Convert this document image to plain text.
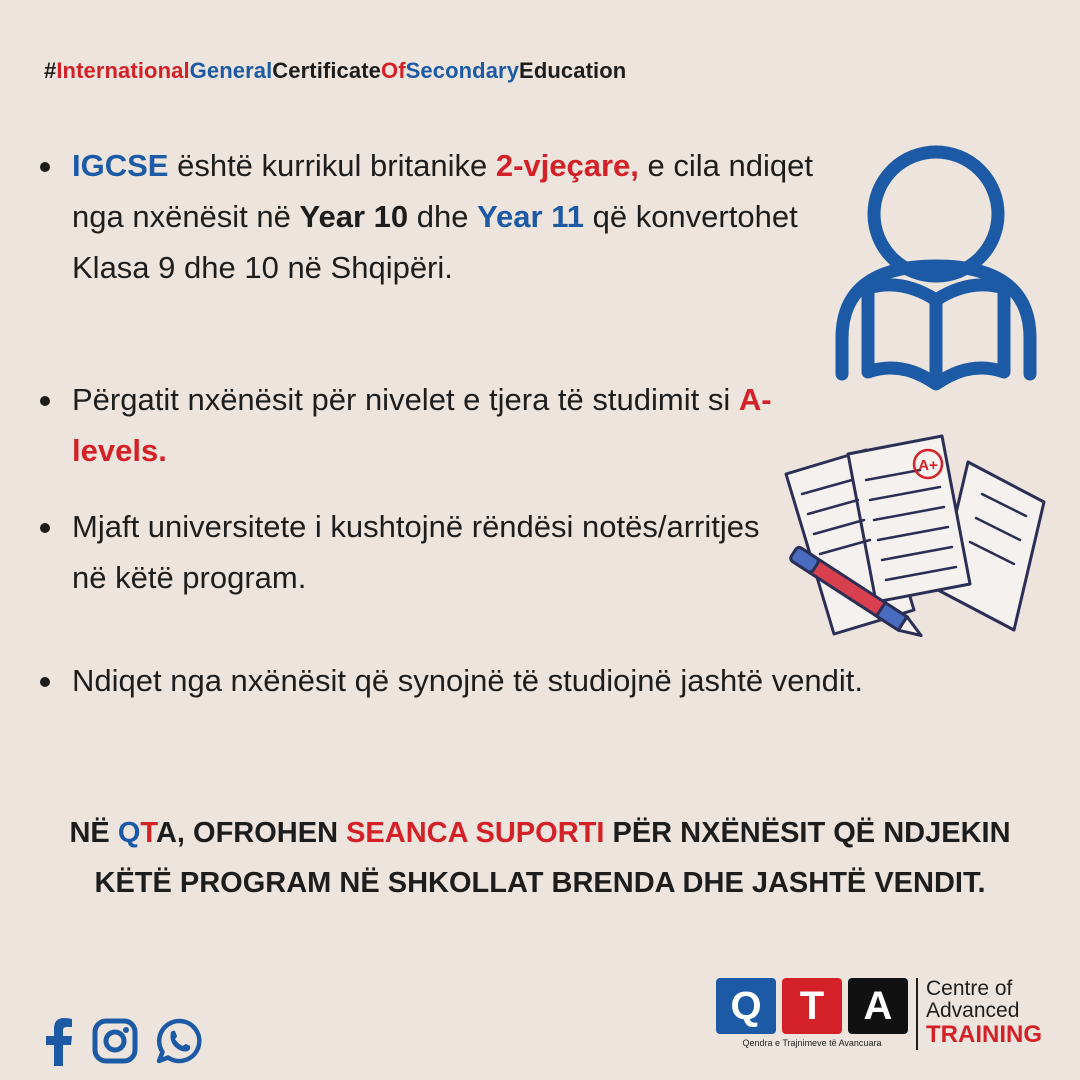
#InternationalGeneralCertificateOfSecondaryEducation
IGCSE është kurrikul britanike 2-vjeçare, e cila ndiqet nga nxënësit në Year 10 dhe Year 11 që konvertohet Klasa 9 dhe 10 në Shqipëri.
Përgatit nxënësit për nivelet e tjera të studimit si A-levels.
Mjaft universitete i kushtojnë rëndësi notës/arritjes në këtë program.
Ndiqet nga nxënësit që synojnë të studiojnë jashtë vendit.
A+
NË QTA, OFROHEN SEANCA SUPORTI PËR NXËNËSIT QË NDJEKIN KËTË PROGRAM NË SHKOLLAT BRENDA DHE JASHTË VENDIT.
Q T A
Qendra e Trajnimeve të Avancuara
Centre of
Advanced
TRAINING
